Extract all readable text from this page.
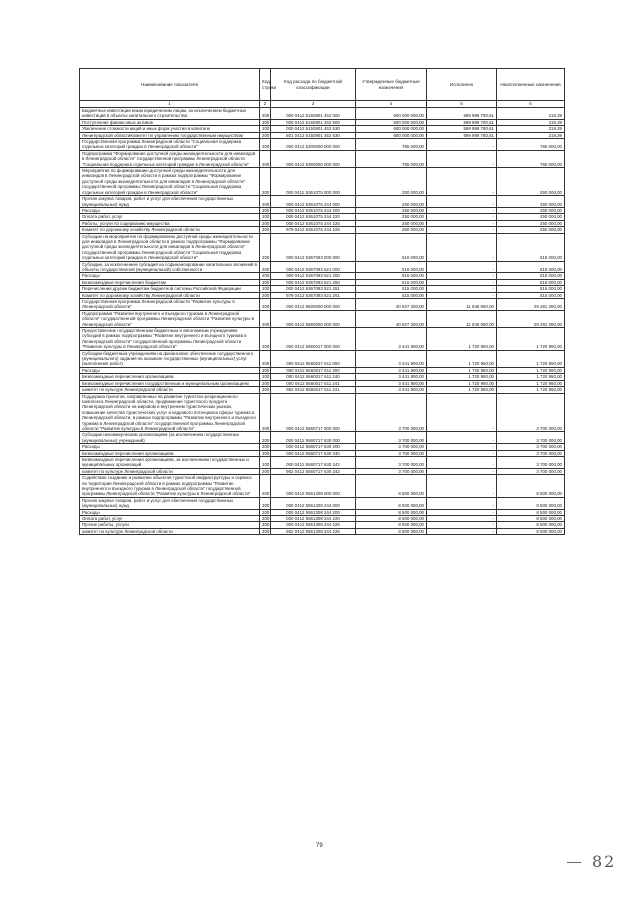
Наименование показателя	Код строки	Код расхода по бюджетной классификации	Утвержденные бюджетные назначения	Исполнено	Неисполненные назначения
1	2	3	4	5	6
Бюджетные инвестиции иным юридическим лицам, за исключением бюджетных инвестиций в объекты капитального строительства	200	000 0412 5150801 452 000	600 000 000,00	599 999 780,61	219,39
Поступление финансовых активов	200	000 0412 5150801 452 500	600 000 000,00	599 999 780,61	219,39
Увеличение стоимости акций и иных форм участия в капитале	200	000 0412 5150801 452 530	600 000 000,00	599 999 780,61	219,39
Ленинградской областиКомитет по управлению государственным имуществом	200	801 0412 5150801 452 530	600 000 000,00	599 999 780,61	219,39
Государственная программа Ленинградской области "Социальная поддержка отдельных категорий граждан в Ленинградской области"	200	000 0412 5300000 000 000	765 000,00	-	765 000,00
Подпрограмма "Формирование доступной среды жизнедеятельности для инвалидов в Ленинградской области" государственной программы Ленинградской области "Социальная поддержка отдельных категорий граждан в Ленинградской области"	200	000 0412 5360000 000 000	765 000,00	-	765 000,00
Мероприятия по формированию доступной среды жизнедеятельности для инвалидов в Ленинградской области в рамках подпрограммы "Формирование доступной среды жизнедеятельности для инвалидов в Ленинградской области" государственной программы Ленинградской области "Социальная поддержка отдельных категорий граждан в Ленинградской области"	200	000 0412 5361075 000 000	250 000,00	-	250 000,00
Прочая закупка товаров, работ и услуг для обеспечения государственных (муниципальных) нужд	200	000 0412 5361075 244 000	250 000,00	-	250 000,00
Расходы	200	000 0412 5361075 244 200	250 000,00	-	250 000,00
Оплата работ, услуг	200	000 0412 5361075 244 220	250 000,00	-	250 000,00
Работы, услуги по содержанию имущества	200	000 0412 5361075 244 225	250 000,00	-	250 000,00
Комитет по дорожному хозяйству Ленинградской области	200	979 0412 5361075 244 225	250 000,00	-	250 000,00
Субсидии на мероприятия по формированию доступной среды жизнедеятельности для инвалидов в Ленинградской области в рамках подпрограммы "Формирование доступной среды жизнедеятельности для инвалидов в Ленинградской области" государственной программы Ленинградской области "Социальная поддержка отдельных категорий граждан в Ленинградской области"	200	000 0412 5367093 000 000	515 000,00	-	515 000,00
Субсидии, за исключением субсидий на софинансирование капитальных вложений в объекты государственной (муниципальной) собственности	200	000 0412 5367093 521 000	515 000,00	-	515 000,00
Расходы	200	000 0412 5367093 521 200	515 000,00	-	515 000,00
Безвозмездные перечисления бюджетам	200	000 0412 5367093 521 250	515 000,00	-	515 000,00
Перечисления другим бюджетам бюджетной системы Российской Федерации	200	000 0412 5367093 521 251	515 000,00	-	515 000,00
Комитет по дорожному хозяйству Ленинградской области	200	979 0412 5367093 521 251	515 000,00	-	515 000,00
Государственная программа Ленинградской области "Развитие культуры в Ленинградской области"	200	000 0412 5500000 000 000	40 827 300,00	11 545 950,00	29 281 350,00
Подпрограмма "Развитие внутреннего и въездного туризма в Ленинградской области" государственной программы Ленинградской области "Развитие культуры в Ленинградской области"	200	000 0412 5560000 000 000	40 827 300,00	11 545 950,00	29 281 350,00
Предоставление государственным бюджетным и автономным учреждениям субсидий в рамках подпрограммы "Развитие внутреннего и въездного туризма в Ленинградской области" государственной программы Ленинградской области "Развитие культуры в Ленинградской области"	200	000 0412 5560017 000 000	3 441 900,00	1 720 950,00	1 720 950,00
Субсидии бюджетным учреждениям на финансовое обеспечение государственного (муниципального) задания на оказание государственных (муниципальных) услуг (выполнение работ)	200	000 0412 5560017 611 000	3 441 900,00	1 720 950,00	1 720 950,00
Расходы	200	000 0412 5560017 611 200	3 441 900,00	1 720 950,00	1 720 950,00
Безвозмездные перечисления организациям	200	000 0412 5560017 611 240	3 441 900,00	1 720 950,00	1 720 950,00
Безвозмездные перечисления государственным и муниципальным организациям	200	000 0412 5560017 611 241	3 441 900,00	1 720 950,00	1 720 950,00
комитет по культуре Ленинградской области	200	962 0412 5560017 611 241	3 441 900,00	1 720 950,00	1 720 950,00
Поддержка проектов, направленных на развитие туристско-рекреационного комплекса Ленинградской области, продвижение туристского продукта Ленинградской области на мировом и внутреннем туристических рынках, повышение качества туристических услуг и кадрового потенциала сферы туризма в Ленинградской области, в рамках подпрограммы "Развитие внутреннего и въездного туризма в Ленинградской области" государственной программы Ленинградской области "Развитие культуры в Ленинградской области"	200	000 0412 5560717 000 000	3 700 000,00	-	3 700 000,00
Субсидии некоммерческим организациям (за исключением государственных (муниципальных) учреждений)	200	000 0412 5560717 630 000	3 700 000,00	-	3 700 000,00
Расходы	200	000 0412 5560717 630 200	3 700 000,00	-	3 700 000,00
Безвозмездные перечисления организациям	200	000 0412 5560717 630 240	3 700 000,00	-	3 700 000,00
Безвозмездные перечисления организациям, за исключением государственных и муниципальных организаций	200	000 0412 5560717 630 242	3 700 000,00	-	3 700 000,00
комитет по культуре Ленинградской области	200	962 0412 5560717 630 242	3 700 000,00	-	3 700 000,00
Содействие созданию и развитию объектов туристской инфраструктуры и сервиса на территории Ленинградской области в рамках подпрограммы "Развитие внутреннего и въездного туризма в Ленинградской области" государственной программы Ленинградской области "Развитие культуры в Ленинградской области"	200	000 0412 5561308 000 000	8 500 000,00	-	8 500 000,00
Прочая закупка товаров, работ и услуг для обеспечения государственных (муниципальных) нужд	200	000 0412 5561308 244 000	8 500 000,00	-	8 500 000,00
Расходы	200	000 0412 5561308 244 200	8 500 000,00	-	8 500 000,00
Оплата работ, услуг	200	000 0412 5561308 244 220	8 500 000,00	-	8 500 000,00
Прочие работы, услуги	200	000 0412 5561308 244 226	8 500 000,00	-	8 500 000,00
комитет по культуре Ленинградской области	200	962 0412 5561308 244 226	8 500 000,00	-	8 500 000,00
79
82
